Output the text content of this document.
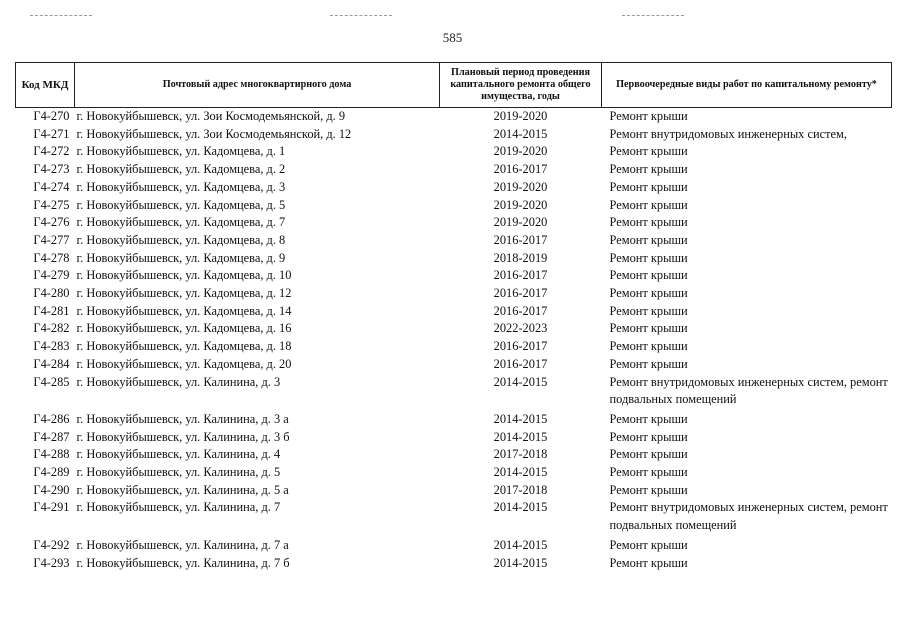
585
Код МКД	Почтовый адрес многоквартирного дома	Плановый период проведения капитального ремонта общего имущества, годы	Первоочередные виды работ по капитальному ремонту*
Г4-270	г. Новокуйбышевск, ул. Зои Космодемьянской, д. 9	2019-2020	Ремонт крыши
Г4-271	г. Новокуйбышевск, ул. Зои Космодемьянской, д. 12	2014-2015	Ремонт внутридомовых инженерных систем,
Г4-272	г. Новокуйбышевск, ул. Кадомцева, д. 1	2019-2020	Ремонт крыши
Г4-273	г. Новокуйбышевск, ул. Кадомцева, д. 2	2016-2017	Ремонт крыши
Г4-274	г. Новокуйбышевск, ул. Кадомцева, д. 3	2019-2020	Ремонт крыши
Г4-275	г. Новокуйбышевск, ул. Кадомцева, д. 5	2019-2020	Ремонт крыши
Г4-276	г. Новокуйбышевск, ул. Кадомцева, д. 7	2019-2020	Ремонт крыши
Г4-277	г. Новокуйбышевск, ул. Кадомцева, д. 8	2016-2017	Ремонт крыши
Г4-278	г. Новокуйбышевск, ул. Кадомцева, д. 9	2018-2019	Ремонт крыши
Г4-279	г. Новокуйбышевск, ул. Кадомцева, д. 10	2016-2017	Ремонт крыши
Г4-280	г. Новокуйбышевск, ул. Кадомцева, д. 12	2016-2017	Ремонт крыши
Г4-281	г. Новокуйбышевск, ул. Кадомцева, д. 14	2016-2017	Ремонт крыши
Г4-282	г. Новокуйбышевск, ул. Кадомцева, д. 16	2022-2023	Ремонт крыши
Г4-283	г. Новокуйбышевск, ул. Кадомцева, д. 18	2016-2017	Ремонт крыши
Г4-284	г. Новокуйбышевск, ул. Кадомцева, д. 20	2016-2017	Ремонт крыши
Г4-285	г. Новокуйбышевск, ул. Калинина, д. 3	2014-2015	Ремонт внутридомовых инженерных систем, ремонт подвальных помещений
Г4-286	г. Новокуйбышевск, ул. Калинина, д. 3 а	2014-2015	Ремонт крыши
Г4-287	г. Новокуйбышевск, ул. Калинина, д. 3 б	2014-2015	Ремонт крыши
Г4-288	г. Новокуйбышевск, ул. Калинина, д. 4	2017-2018	Ремонт крыши
Г4-289	г. Новокуйбышевск, ул. Калинина, д. 5	2014-2015	Ремонт крыши
Г4-290	г. Новокуйбышевск, ул. Калинина, д. 5 а	2017-2018	Ремонт крыши
Г4-291	г. Новокуйбышевск, ул. Калинина, д. 7	2014-2015	Ремонт внутридомовых инженерных систем, ремонт подвальных помещений
Г4-292	г. Новокуйбышевск, ул. Калинина, д. 7 а	2014-2015	Ремонт крыши
Г4-293	г. Новокуйбышевск, ул. Калинина, д. 7 б	2014-2015	Ремонт крыши
